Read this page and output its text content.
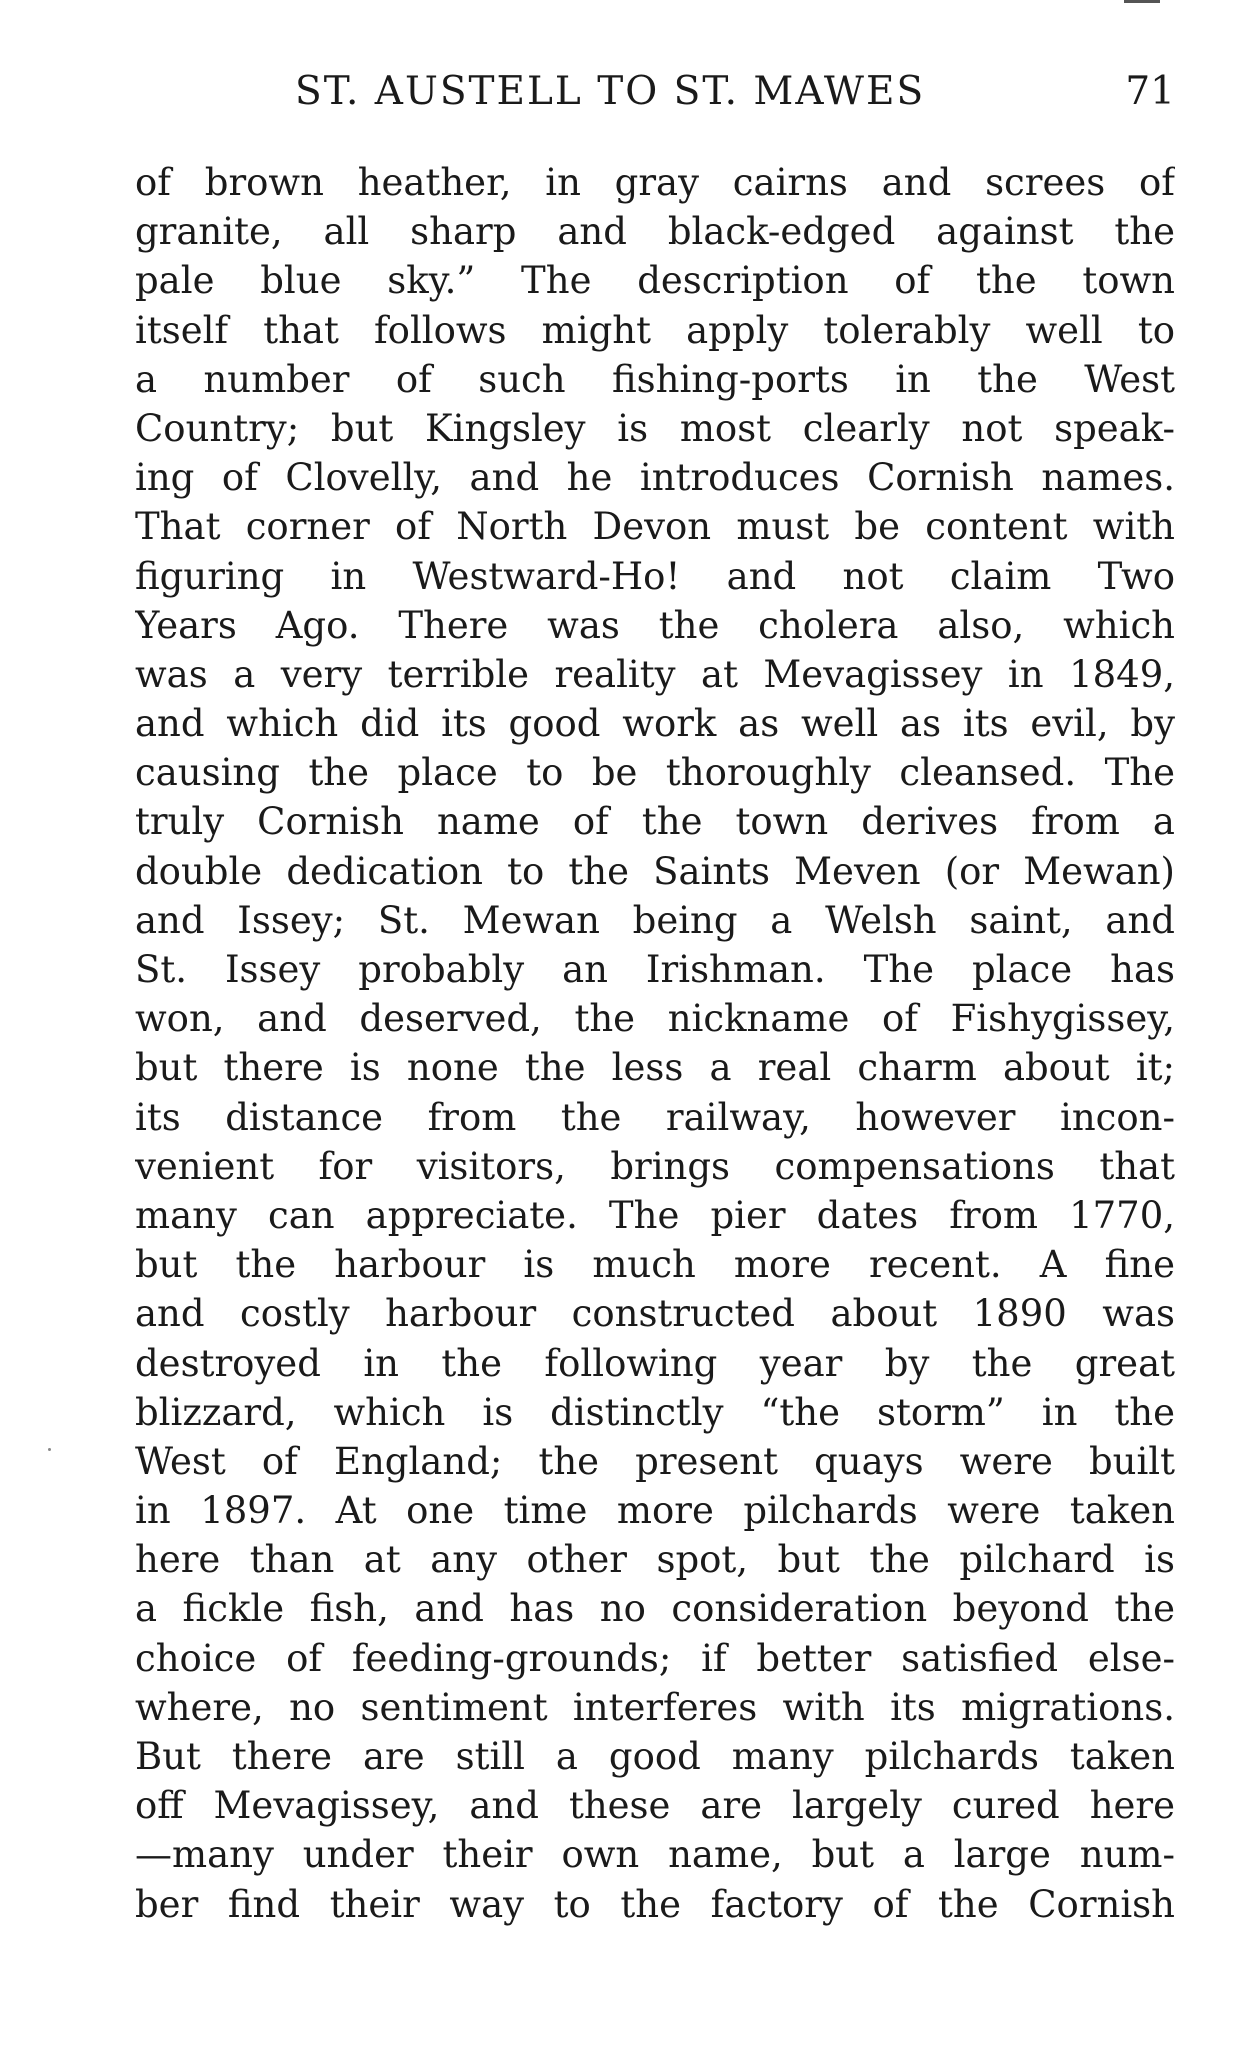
ST. AUSTELL TO ST. MAWES	71
of brown heather, in gray cairns and screes of
granite, all sharp and black-edged against the
pale blue sky.” The description of the town
itself that follows might apply tolerably well to
a number of such fishing-ports in the West
Country; but Kingsley is most clearly not speak-
ing of Clovelly, and he introduces Cornish names.
That corner of North Devon must be content with
figuring in Westward-Ho! and not claim Two
Years Ago. There was the cholera also, which
was a very terrible reality at Mevagissey in 1849,
and which did its good work as well as its evil, by
causing the place to be thoroughly cleansed. The
truly Cornish name of the town derives from a
double dedication to the Saints Meven (or Mewan)
and Issey; St. Mewan being a Welsh saint, and
St. Issey probably an Irishman. The place has
won, and deserved, the nickname of Fishygissey,
but there is none the less a real charm about it;
its distance from the railway, however incon-
venient for visitors, brings compensations that
many can appreciate. The pier dates from 1770,
but the harbour is much more recent. A fine
and costly harbour constructed about 1890 was
destroyed in the following year by the great
blizzard, which is distinctly “the storm” in the
West of England; the present quays were built
in 1897. At one time more pilchards were taken
here than at any other spot, but the pilchard is
a fickle fish, and has no consideration beyond the
choice of feeding-grounds; if better satisfied else-
where, no sentiment interferes with its migrations.
But there are still a good many pilchards taken
off Mevagissey, and these are largely cured here
—many under their own name, but a large num-
ber find their way to the factory of the Cornish
